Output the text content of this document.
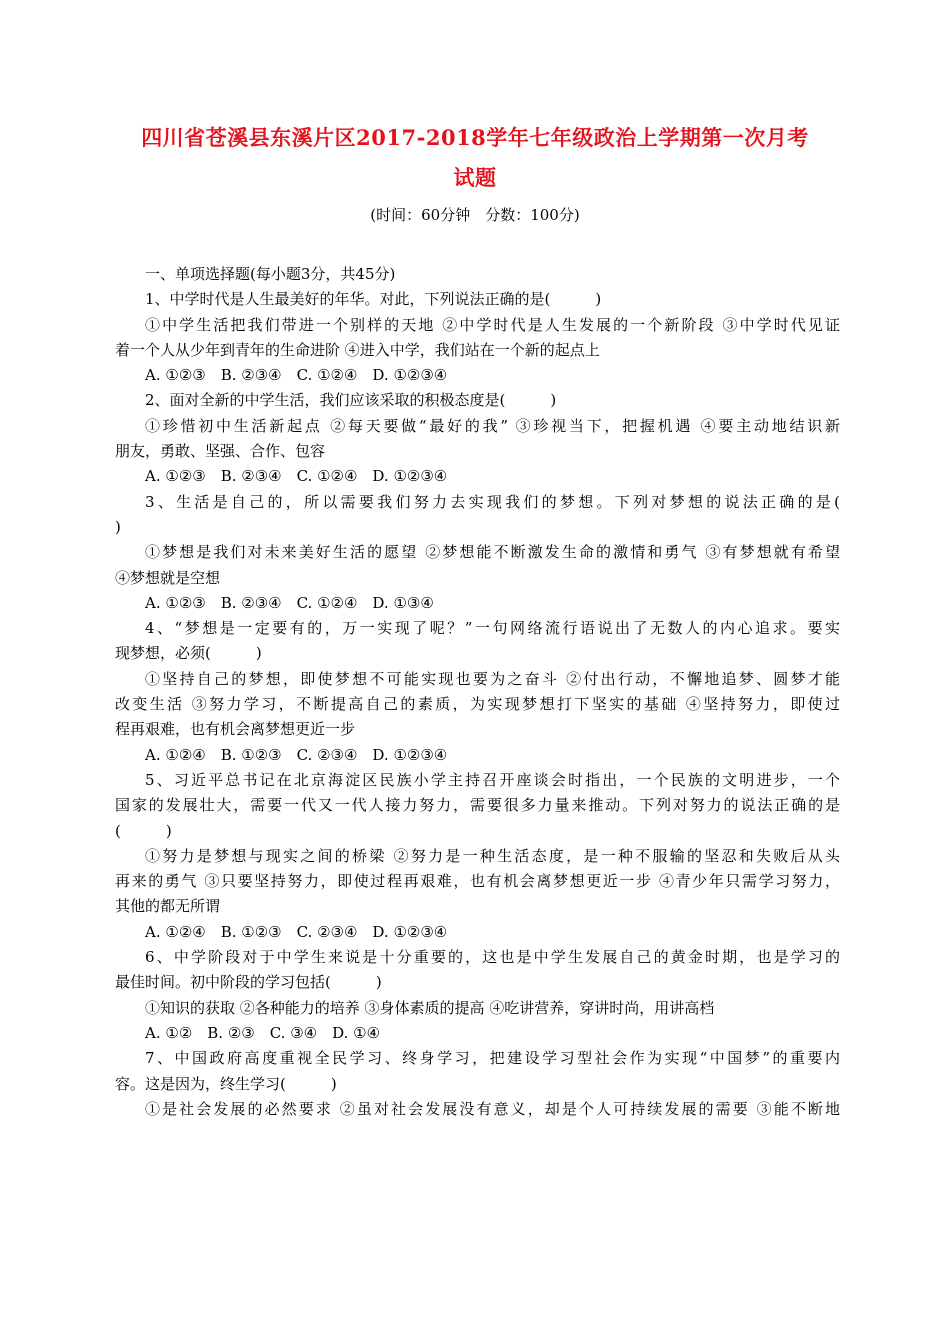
四川省苍溪县东溪片区2017-2018学年七年级政治上学期第一次月考
试题
(时间：60分钟　分数：100分)
一、单项选择题(每小题3分，共45分)
1、中学时代是人生最美好的年华。对此，下列说法正确的是(　　　)
①中学生活把我们带进一个别样的天地 ②中学时代是人生发展的一个新阶段 ③中学时代见证
着一个人从少年到青年的生命进阶 ④进入中学，我们站在一个新的起点上
A. ①②③　B. ②③④　C. ①②④　D. ①②③④
2、面对全新的中学生活，我们应该采取的积极态度是(　　　)
①珍惜初中生活新起点 ②每天要做“最好的我” ③珍视当下，把握机遇 ④要主动地结识新
朋友，勇敢、坚强、合作、包容
A. ①②③　B. ②③④　C. ①②④　D. ①②③④
3、生活是自己的，所以需要我们努力去实现我们的梦想。下列对梦想的说法正确的是(
)
①梦想是我们对未来美好生活的愿望 ②梦想能不断激发生命的激情和勇气 ③有梦想就有希望
④梦想就是空想
A. ①②③　B. ②③④　C. ①②④　D. ①③④
4、“梦想是一定要有的，万一实现了呢？”一句网络流行语说出了无数人的内心追求。要实
现梦想，必须(　　　)
①坚持自己的梦想，即使梦想不可能实现也要为之奋斗 ②付出行动，不懈地追梦、圆梦才能
改变生活 ③努力学习，不断提高自己的素质，为实现梦想打下坚实的基础 ④坚持努力，即使过
程再艰难，也有机会离梦想更近一步
A. ①②④　B. ①②③　C. ②③④　D. ①②③④
5、习近平总书记在北京海淀区民族小学主持召开座谈会时指出，一个民族的文明进步，一个
国家的发展壮大，需要一代又一代人接力努力，需要很多力量来推动。下列对努力的说法正确的是
(　　　)
①努力是梦想与现实之间的桥梁 ②努力是一种生活态度，是一种不服输的坚忍和失败后从头
再来的勇气 ③只要坚持努力，即使过程再艰难，也有机会离梦想更近一步 ④青少年只需学习努力，
其他的都无所谓
A. ①②④　B. ①②③　C. ②③④　D. ①②③④
6、中学阶段对于中学生来说是十分重要的，这也是中学生发展自己的黄金时期，也是学习的
最佳时间。初中阶段的学习包括(　　　)
①知识的获取 ②各种能力的培养 ③身体素质的提高 ④吃讲营养，穿讲时尚，用讲高档
A. ①②　B. ②③　C. ③④　D. ①④
7、中国政府高度重视全民学习、终身学习，把建设学习型社会作为实现“中国梦”的重要内
容。这是因为，终生学习(　　　)
①是社会发展的必然要求 ②虽对社会发展没有意义，却是个人可持续发展的需要 ③能不断地
